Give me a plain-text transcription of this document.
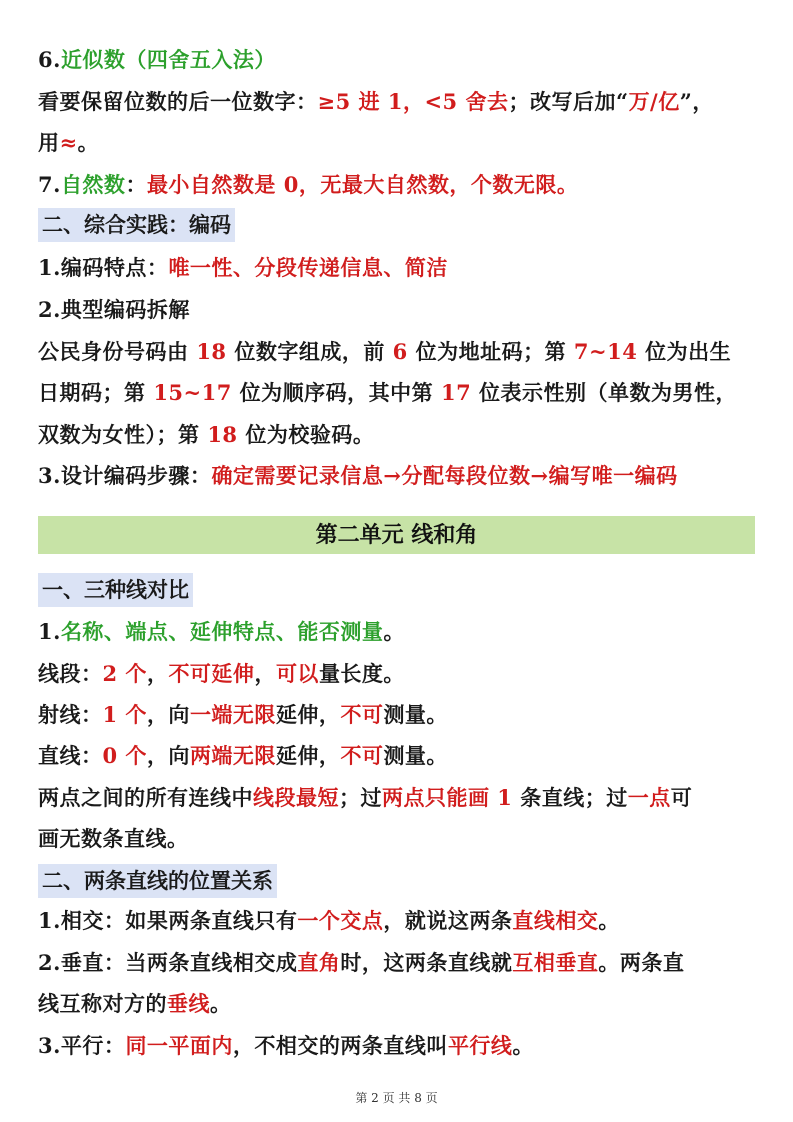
6.近似数（四舍五入法）
看要保留位数的后一位数字：≥5 进 1，<5 舍去；改写后加“万/亿”，
用≈。
7.自然数：最小自然数是 0，无最大自然数，个数无限。
二、综合实践：编码
1.编码特点：唯一性、分段传递信息、简洁
2.典型编码拆解
公民身份号码由 18 位数字组成，前 6 位为地址码；第 7~14 位为出生
日期码；第 15~17 位为顺序码，其中第 17 位表示性别（单数为男性，
双数为女性）；第 18 位为校验码。
3.设计编码步骤：确定需要记录信息→分配每段位数→编写唯一编码
第二单元 线和角
一、三种线对比
1.名称、端点、延伸特点、能否测量。
线段：2 个，不可延伸，可以量长度。
射线：1 个，向一端无限延伸，不可测量。
直线：0 个，向两端无限延伸，不可测量。
两点之间的所有连线中线段最短；过两点只能画 1 条直线；过一点可
画无数条直线。
二、两条直线的位置关系
1.相交：如果两条直线只有一个交点，就说这两条直线相交。
2.垂直：当两条直线相交成直角时，这两条直线就互相垂直。两条直
线互称对方的垂线。
3.平行：同一平面内，不相交的两条直线叫平行线。
第 2 页 共 8 页
